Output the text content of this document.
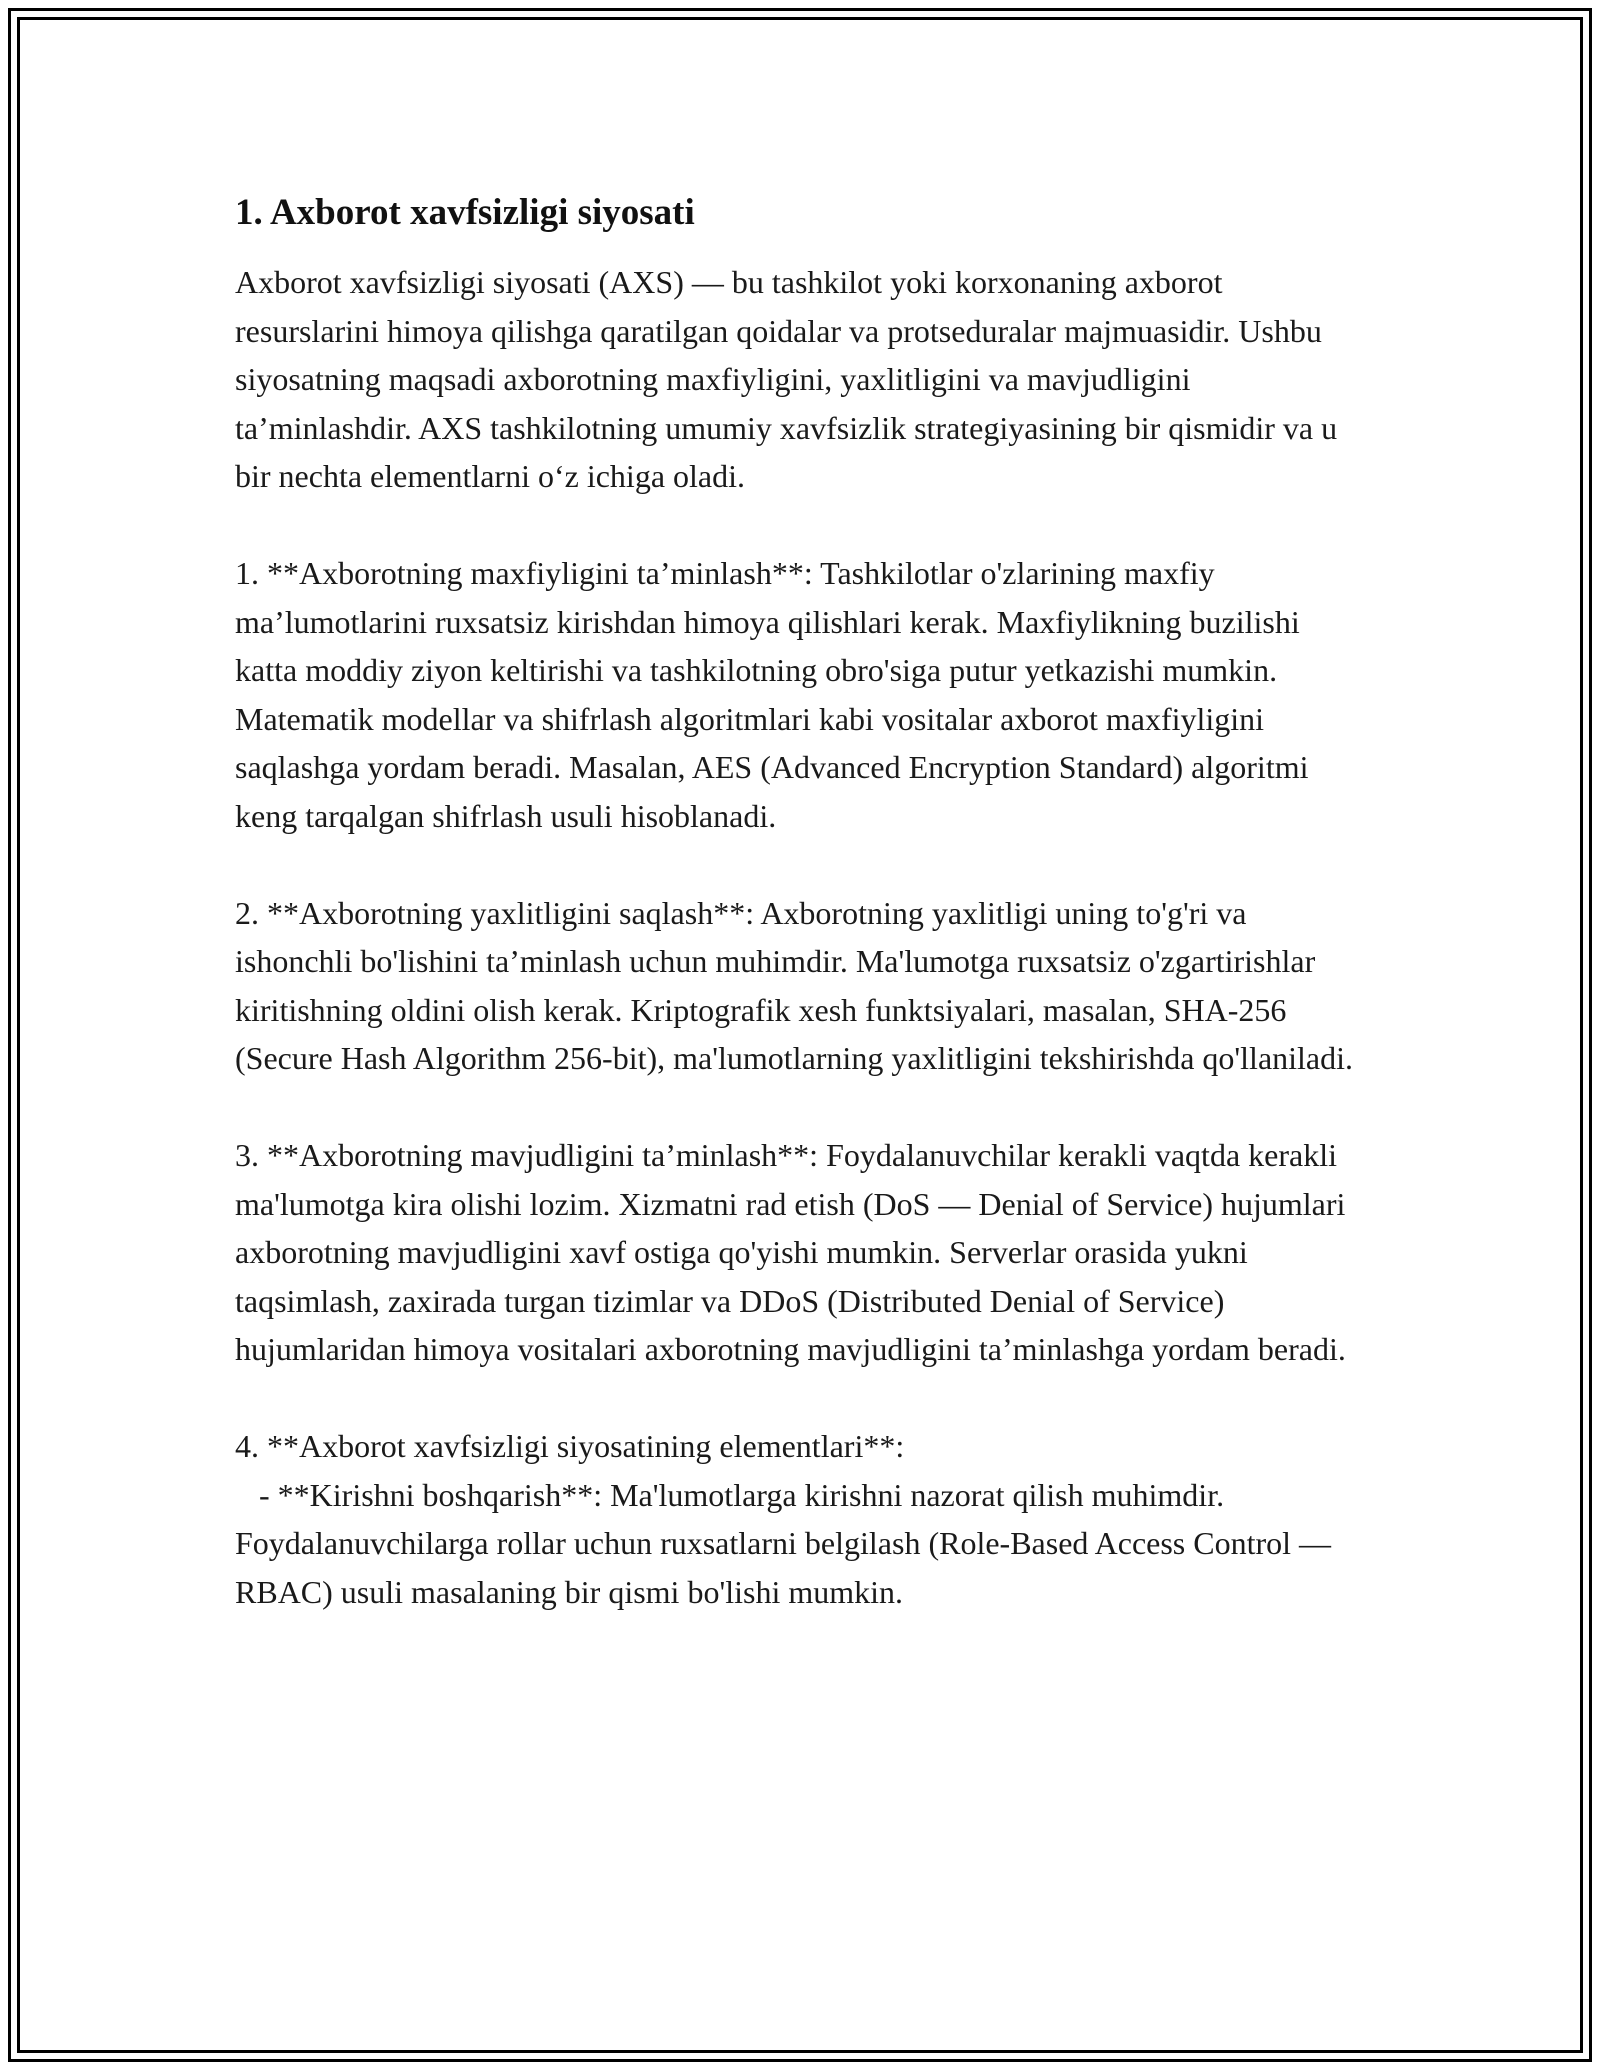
1. Axborot xavfsizligi siyosati

Axborot xavfsizligi siyosati (AXS) — bu tashkilot yoki korxonaning axborot resurslarini himoya qilishga qaratilgan qoidalar va protseduralar majmuasidir. Ushbu siyosatning maqsadi axborotning maxfiyligini, yaxlitligini va mavjudligini ta’minlashdir. AXS tashkilotning umumiy xavfsizlik strategiyasining bir qismidir va u bir nechta elementlarni o‘z ichiga oladi.

1. **Axborotning maxfiyligini ta’minlash**: Tashkilotlar o'zlarining maxfiy ma’lumotlarini ruxsatsiz kirishdan himoya qilishlari kerak. Maxfiylikning buzilishi katta moddiy ziyon keltirishi va tashkilotning obro'siga putur yetkazishi mumkin. Matematik modellar va shifrlash algoritmlari kabi vositalar axborot maxfiyligini saqlashga yordam beradi. Masalan, AES (Advanced Encryption Standard) algoritmi keng tarqalgan shifrlash usuli hisoblanadi.

2. **Axborotning yaxlitligini saqlash**: Axborotning yaxlitligi uning to'g'ri va ishonchli bo'lishini ta’minlash uchun muhimdir. Ma'lumotga ruxsatsiz o'zgartirishlar kiritishning oldini olish kerak. Kriptografik xesh funktsiyalari, masalan, SHA-256 (Secure Hash Algorithm 256-bit), ma'lumotlarning yaxlitligini tekshirishda qo'llaniladi.

3. **Axborotning mavjudligini ta’minlash**: Foydalanuvchilar kerakli vaqtda kerakli ma'lumotga kira olishi lozim. Xizmatni rad etish (DoS — Denial of Service) hujumlari axborotning mavjudligini xavf ostiga qo'yishi mumkin. Serverlar orasida yukni taqsimlash, zaxirada turgan tizimlar va DDoS (Distributed Denial of Service) hujumlaridan himoya vositalari axborotning mavjudligini ta’minlashga yordam beradi.

4. **Axborot xavfsizligi siyosatining elementlari**:

- **Kirishni boshqarish**: Ma'lumotlarga kirishni nazorat qilish muhimdir. Foydalanuvchilarga rollar uchun ruxsatlarni belgilash (Role-Based Access Control — RBAC) usuli masalaning bir qismi bo'lishi mumkin.
